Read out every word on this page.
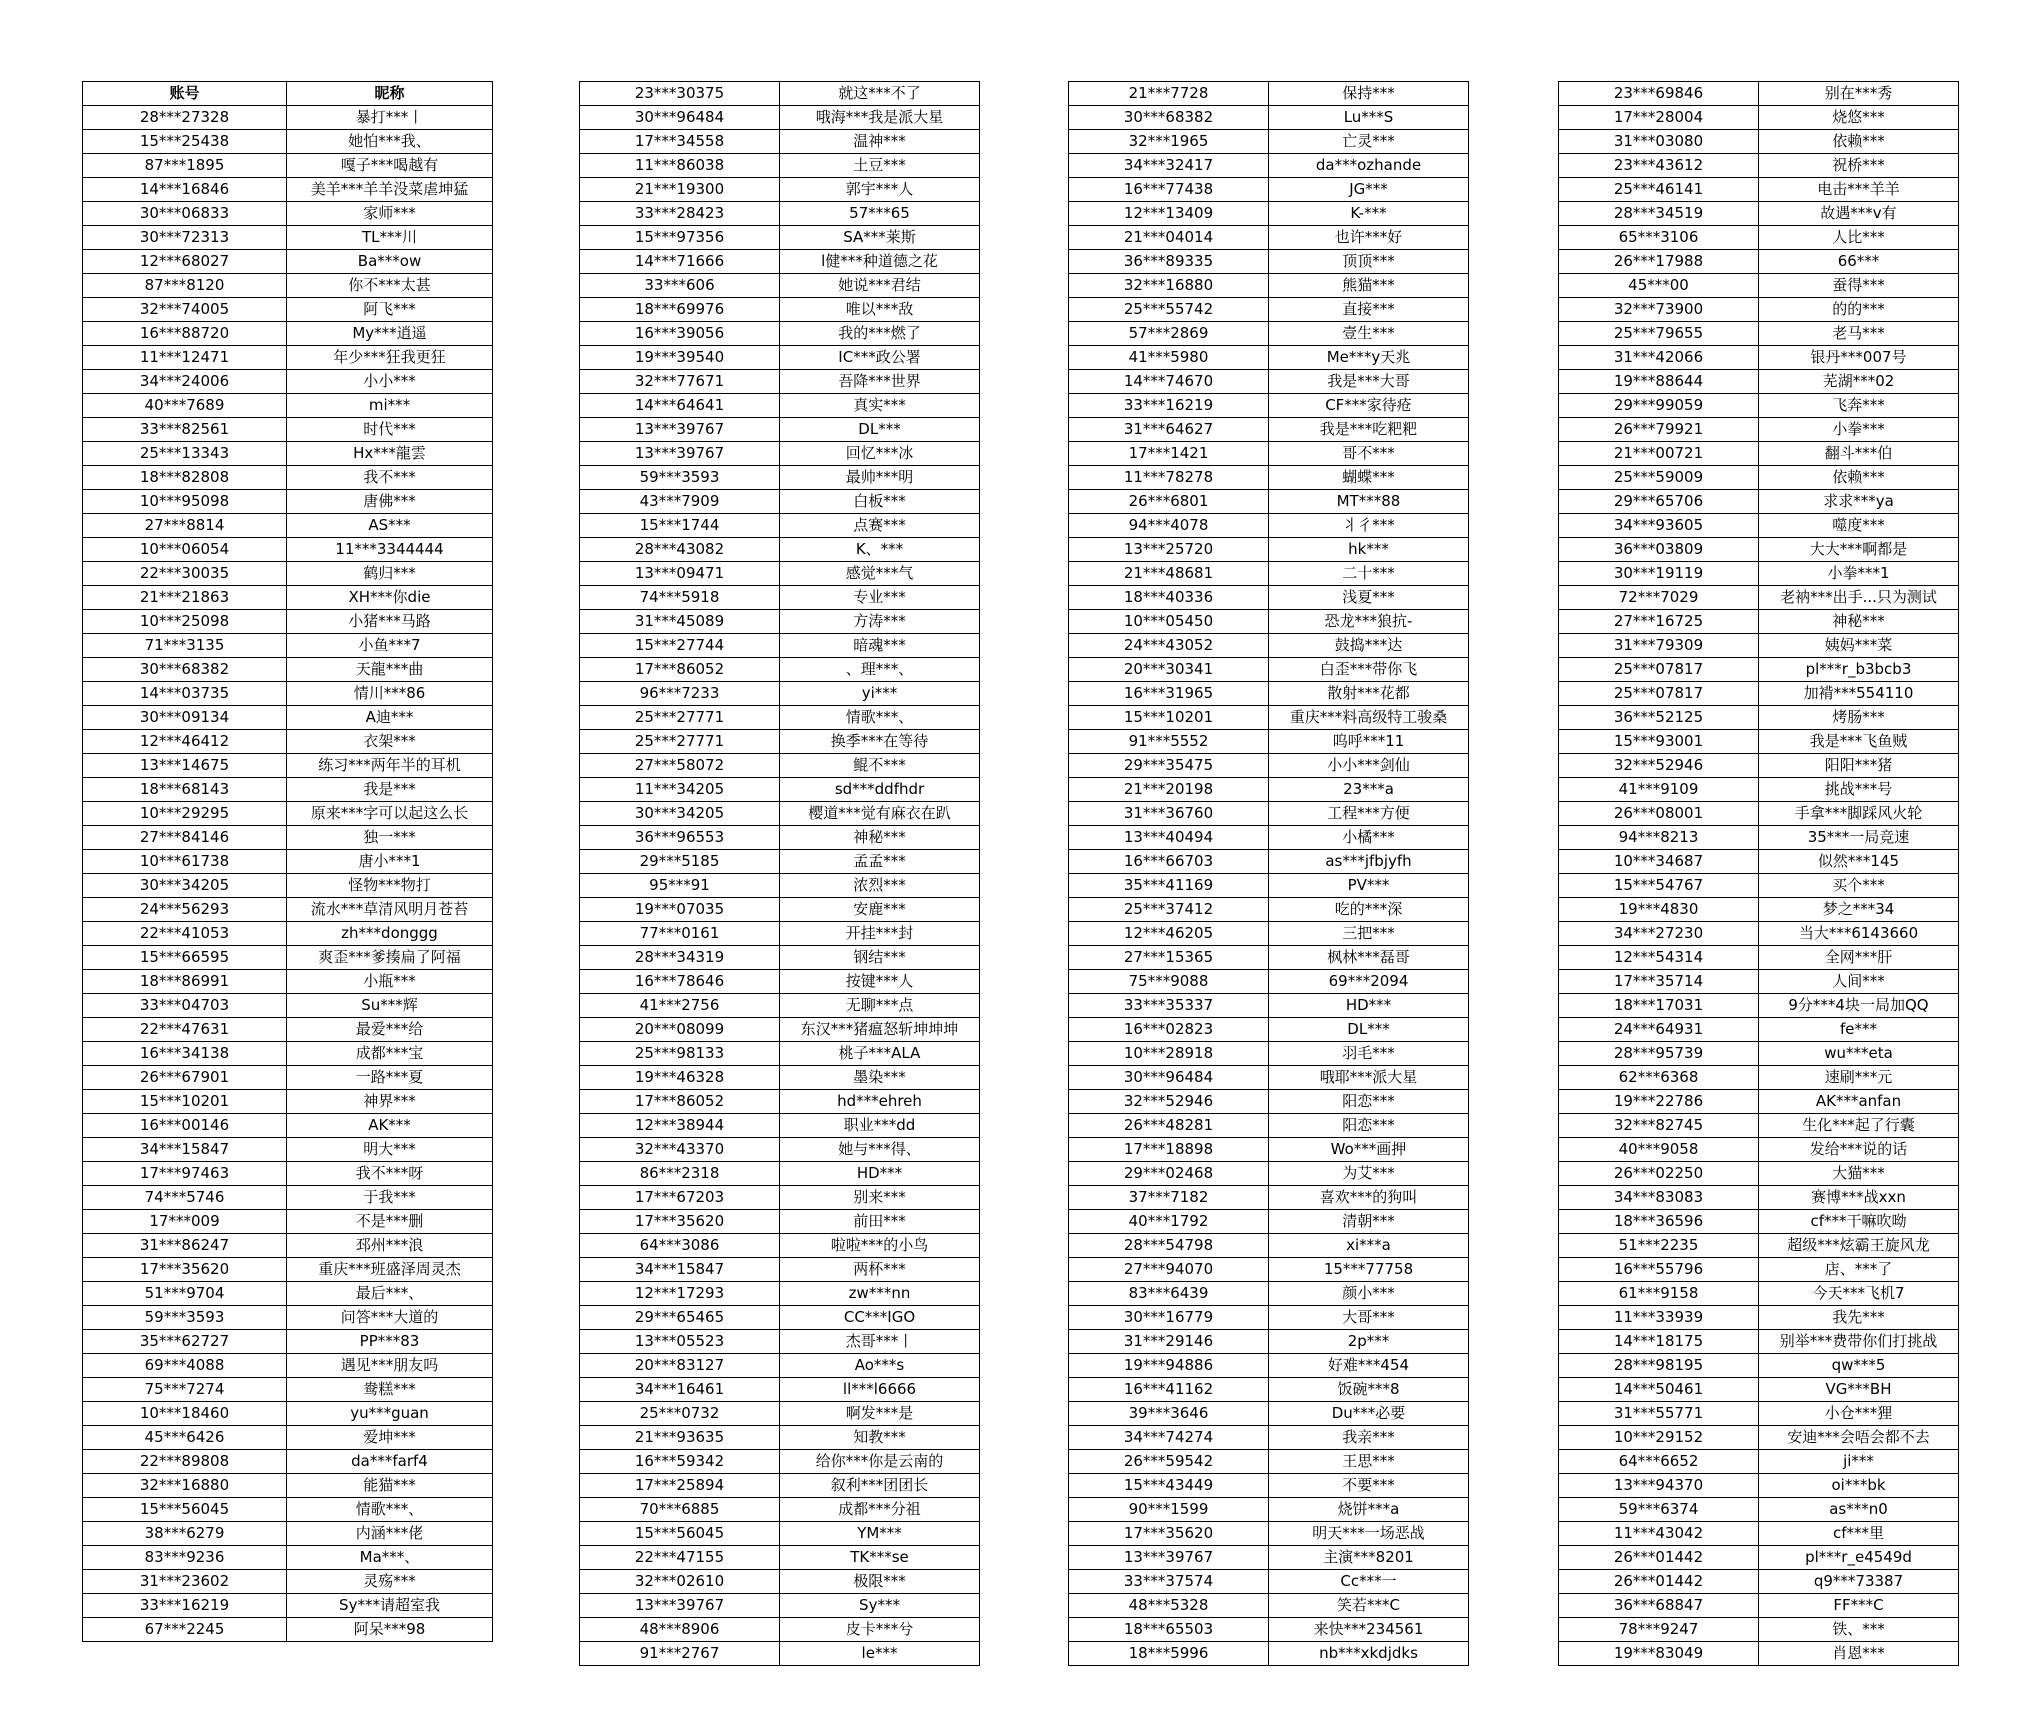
账号	昵称
28***27328	暴打***丨
15***25438	她怕***我、
87***1895	嘎子***喝越有
14***16846	美羊***羊羊没菜虐坤猛
30***06833	家师***
30***72313	TL***川
12***68027	Ba***ow
87***8120	你不***太甚
32***74005	阿飞***
16***88720	My***逍遥
11***12471	年少***狂我更狂
34***24006	小小***
40***7689	mi***
33***82561	时代***
25***13343	Hx***龍雲
18***82808	我不***
10***95098	唐佛***
27***8814	AS***
10***06054	11***3344444
22***30035	鹤归***
21***21863	XH***你die
10***25098	小猪***马路
71***3135	小鱼***7
30***68382	天龍***曲
14***03735	情川***86
30***09134	A迪***
12***46412	衣架***
13***14675	练习***两年半的耳机
18***68143	我是***
10***29295	原来***字可以起这么长
27***84146	独一***
10***61738	唐小***1
30***34205	怪物***物打
24***56293	流水***草清风明月苍苔
22***41053	zh***donggg
15***66595	爽歪***爹揍扁了阿福
18***86991	小瓶***
33***04703	Su***辉
22***47631	最爱***给
16***34138	成都***宝
26***67901	一路***夏
15***10201	神界***
16***00146	AK***
34***15847	明大***
17***97463	我不***呀
74***5746	于我***
17***009	不是***删
31***86247	邳州***浪
17***35620	重庆***班盛泽周灵杰
51***9704	最后***、
59***3593	问答***大道的
35***62727	PP***83
69***4088	遇见***朋友吗
75***7274	鸯糕***
10***18460	yu***guan
45***6426	爱坤***
22***89808	da***farf4
32***16880	能猫***
15***56045	情歌***、
38***6279	内涵***佬
83***9236	Ma***、
31***23602	灵殇***
33***16219	Sy***请超室我
67***2245	阿呆***98
23***30375	就这***不了
30***96484	哦海***我是派大星
17***34558	温神***
11***86038	土豆***
21***19300	郭宇***人
33***28423	57***65
15***97356	SA***莱斯
14***71666	l健***种道德之花
33***606	她说***君结
18***69976	唯以***敌
16***39056	我的***燃了
19***39540	IC***政公署
32***77671	吾降***世界
14***64641	真实***
13***39767	DL***
13***39767	回忆***冰
59***3593	最帅***明
43***7909	白板***
15***1744	点赛***
28***43082	K、***
13***09471	感觉***气
74***5918	专业***
31***45089	方涛***
15***27744	暗魂***
17***86052	、理***、
96***7233	yi***
25***27771	情歌***、
25***27771	换季***在等待
27***58072	鲲不***
11***34205	sd***ddfhdr
30***34205	樱道***觉有麻衣在趴
36***96553	神秘***
29***5185	孟孟***
95***91	浓烈***
19***07035	安鹿***
77***0161	开挂***封
28***34319	钢结***
16***78646	按键***人
41***2756	无聊***点
20***08099	东汉***猪瘟怒斩坤坤坤
25***98133	桃子***ALA
19***46328	墨染***
17***86052	hd***ehreh
12***38944	职业***dd
32***43370	她与***得、
86***2318	HD***
17***67203	别来***
17***35620	前田***
64***3086	啦啦***的小鸟
34***15847	两杯***
12***17293	zw***nn
29***65465	CC***IGO
13***05523	杰哥***丨
20***83127	Ao***s
34***16461	ll***l6666
25***0732	啊发***是
21***93635	知教***
16***59342	给你***你是云南的
17***25894	叙利***团团长
70***6885	成都***分祖
15***56045	YM***
22***47155	TK***se
32***02610	极限***
13***39767	Sy***
48***8906	皮卡***兮
91***2767	le***
21***7728	保持***
30***68382	Lu***S
32***1965	亡灵***
34***32417	da***ozhande
16***77438	JG***
12***13409	K-***
21***04014	也许***好
36***89335	顶顶***
32***16880	熊猫***
25***55742	直接***
57***2869	壹生***
41***5980	Me***y天兆
14***74670	我是***大哥
33***16219	CF***家待疮
31***64627	我是***吃粑粑
17***1421	哥不***
11***78278	蝴蝶***
26***6801	MT***88
94***4078	丬彳***
13***25720	hk***
21***48681	二十***
18***40336	浅夏***
10***05450	恐龙***狼抗-
24***43052	鼓捣***达
20***30341	白歪***带你飞
16***31965	散射***花都
15***10201	重庆***料高级特工骏桑
91***5552	呜呼***11
29***35475	小小***剑仙
21***20198	23***a
31***36760	工程***方便
13***40494	小橘***
16***66703	as***jfbjyfh
35***41169	PV***
25***37412	吃的***深
12***46205	三把***
27***15365	枫林***磊哥
75***9088	69***2094
33***35337	HD***
16***02823	DL***
10***28918	羽毛***
30***96484	哦耶***派大星
32***52946	阳恋***
26***48281	阳恋***
17***18898	Wo***画押
29***02468	为艾***
37***7182	喜欢***的狗叫
40***1792	清朝***
28***54798	xi***a
27***94070	15***77758
83***6439	颜小***
30***16779	大哥***
31***29146	2p***
19***94886	好难***454
16***41162	饭碗***8
39***3646	Du***必要
34***74274	我亲***
26***59542	王思***
15***43449	不要***
90***1599	烧饼***a
17***35620	明天***一场恶战
13***39767	主演***8201
33***37574	Cc***一
48***5328	笑若***C
18***65503	来快***234561
18***5996	nb***xkdjdks
23***69846	别在***秀
17***28004	烧悠***
31***03080	依赖***
23***43612	祝桥***
25***46141	电击***羊羊
28***34519	故遇***v有
65***3106	人比***
26***17988	66***
45***00	蚕得***
32***73900	的的***
25***79655	老马***
31***42066	银丹***007号
19***88644	芜湖***02
29***99059	飞奔***
26***79921	小拳***
21***00721	翻斗***伯
25***59009	依赖***
29***65706	求求***ya
34***93605	噬度***
36***03809	大大***啊都是
30***19119	小拳***1
72***7029	老衲***出手...只为测试
27***16725	神秘***
31***79309	姨妈***菜
25***07817	pl***r_b3bcb3
25***07817	加褙***554110
36***52125	烤肠***
15***93001	我是***飞鱼贼
32***52946	阳阳***猪
41***9109	挑战***号
26***08001	手拿***脚踩风火轮
94***8213	35***一局竞速
10***34687	似然***145
15***54767	买个***
19***4830	梦之***34
34***27230	当大***6143660
12***54314	全网***肝
17***35714	人间***
18***17031	9分***4块一局加QQ
24***64931	fe***
28***95739	wu***eta
62***6368	速刷***元
19***22786	AK***anfan
32***82745	生化***起了行囊
40***9058	发给***说的话
26***02250	大猫***
34***83083	赛博***战xxn
18***36596	cf***干嘛吹呦
51***2235	超级***炫霸王旋风龙
16***55796	店、***了
61***9158	今天***飞机7
11***33939	我先***
14***18175	别举***费带你们打挑战
28***98195	qw***5
14***50461	VG***BH
31***55771	小仓***狸
10***29152	安迪***会唔会都不去
64***6652	ji***
13***94370	oi***bk
59***6374	as***n0
11***43042	cf***里
26***01442	pl***r_e4549d
26***01442	q9***73387
36***68847	FF***C
78***9247	铁、***
19***83049	肖恩***
